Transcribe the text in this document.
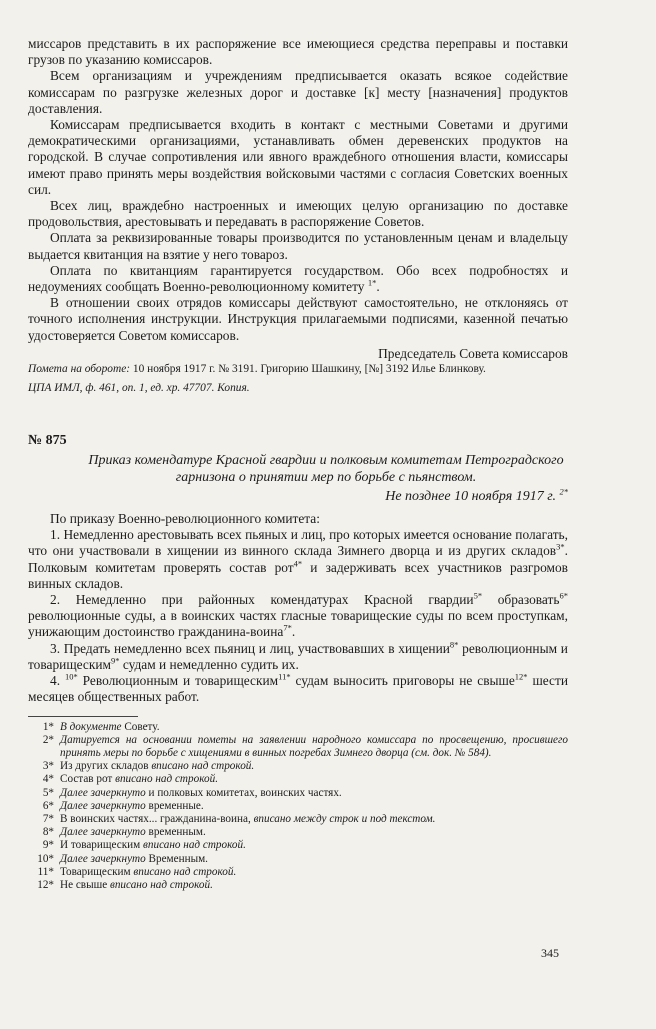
миссаров представить в их распоряжение все имеющиеся средства переправы и поставки грузов по указанию комиссаров.

Всем организациям и учреждениям предписывается оказать всякое содействие комиссарам по разгрузке железных дорог и доставке [к] месту [назначения] продуктов доставления.

Комиссарам предписывается входить в контакт с местными Советами и другими демократическими организациями, устанавливать обмен деревенских продуктов на городской. В случае сопротивления или явного враждебного отношения власти, комиссары имеют право принять меры воздействия войсковыми частями с согласия Советских военных сил.

Всех лиц, враждебно настроенных и имеющих целую организацию по доставке продовольствия, арестовывать и передавать в распоряжение Советов.

Оплата за реквизированные товары производится по установленным ценам и владельцу выдается квитанция на взятие у него товароз.

Оплата по квитанциям гарантируется государством. Обо всех подробностях и недоумениях сообщать Военно-революционному комитету $^{1*}$.

В отношении своих отрядов комиссары действуют самостоятельно, не отклоняясь от точного исполнения инструкции. Инструкция прилагаемыми подписями, казенной печатью удостоверяется Советом комиссаров.

Председатель Совета комиссаров

Помета на обороте: 10 ноября 1917 г. № 3191. Григорию Шашкину, [№] 3192 Илье Блинкову.

ЦПА ИМЛ, ф. 461, оп. 1, ед. хр. 47707. Копия.

№ 875
Приказ комендатуре Красной гвардии и полковым комитетам Петроградского гарнизона о принятии мер по борьбе с пьянством.
Не позднее 10 ноября 1917 г. $^{2*}$

По приказу Военно-революционного комитета:

1. Немедленно арестовывать всех пьяных и лиц, про которых имеется основание полагать, что они участвовали в хищении из винного склада Зимнего дворца и из других складов$^{3*}$. Полковым комитетам проверять состав рот$^{4*}$ и задерживать всех участников разгромов винных складов.

2. Немедленно при районных комендатурах Красной гвардии$^{5*}$ образовать$^{6*}$ революционные суды, а в воинских частях гласные товарищеские суды по всем проступкам, унижающим достоинство гражданина-воина$^{7*}$.

3. Предать немедленно всех пьяниц и лиц, участвовавших в хищении$^{8*}$ революционным и товарищеским$^{9*}$ судам и немедленно судить их.

4. $^{10*}$ Революционным и товарищеским$^{11*}$ судам выносить приговоры не свыше$^{12*}$ шести месяцев общественных работ.

1* В документе Совету.
2* Датируется на основании пометы на заявлении народного комиссара по просвещению, просившего принять меры по борьбе с хищениями в винных погребах Зимнего дворца (см. док. № 584).
3* Из других складов вписано над строкой.
4* Состав рот вписано над строкой.
5* Далее зачеркнуто и полковых комитетах, воинских частях.
6* Далее зачеркнуто временные.
7* В воинских частях... гражданина-воина, вписано между строк и под текстом.
8* Далее зачеркнуто временным.
9* И товарищеским вписано над строкой.
10* Далее зачеркнуто Временным.
11* Товарищеским вписано над строкой.
12* Не свыше вписано над строкой.
345
